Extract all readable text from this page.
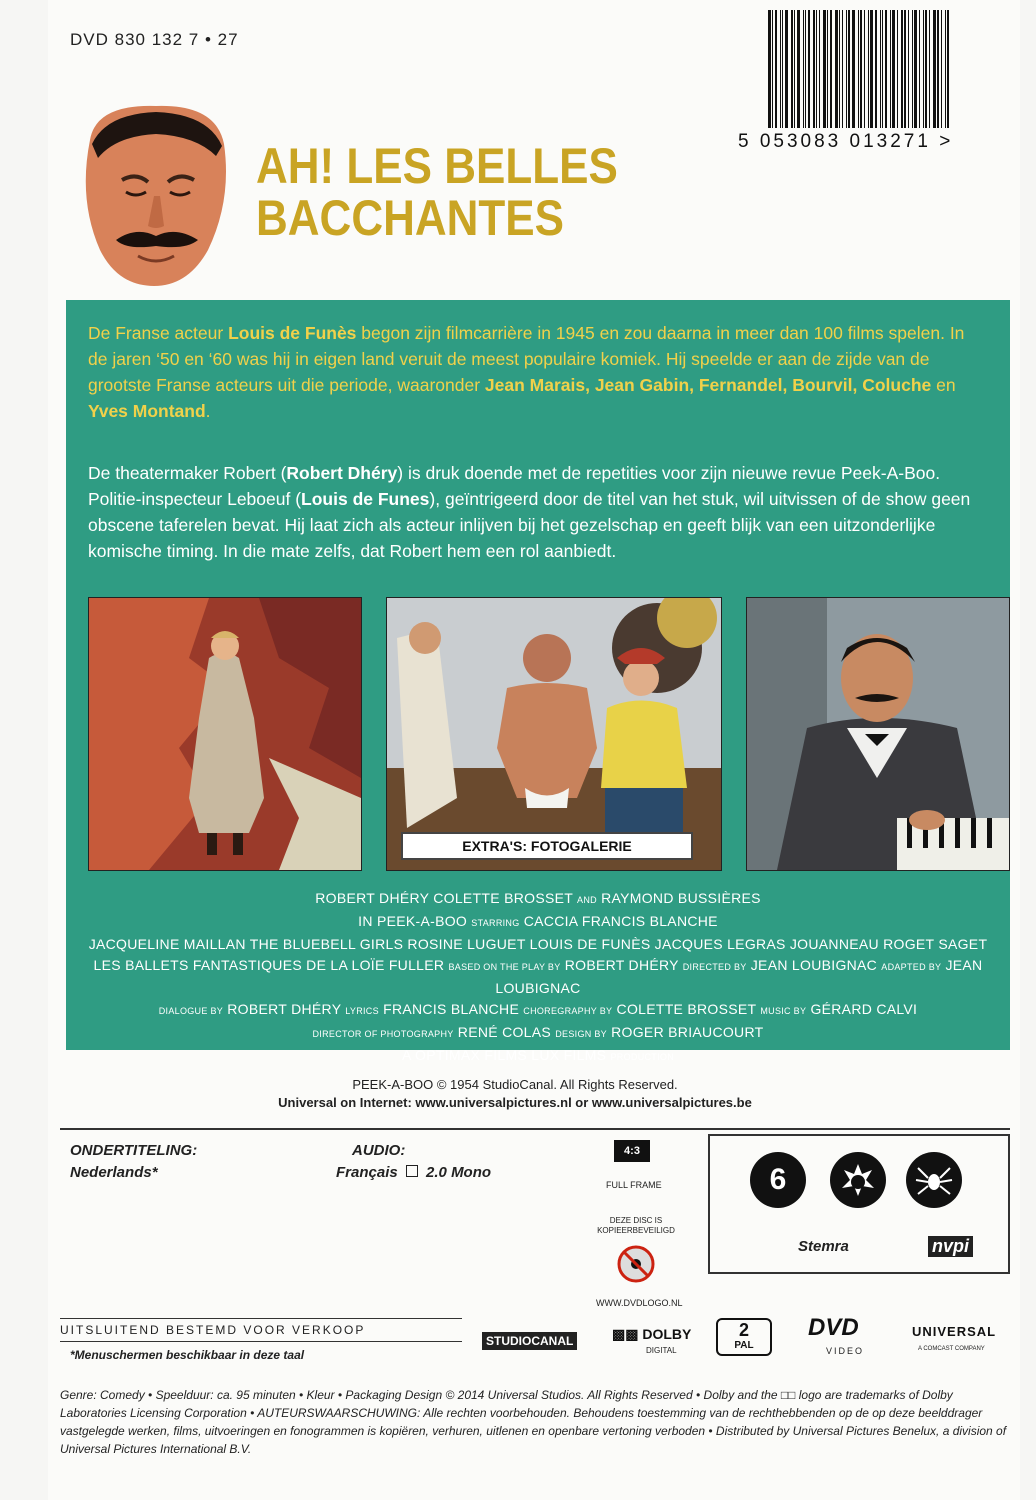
DVD 830 132 7 • 27
5 053083 013271 >
AH! LES BELLES
BACCHANTES
De Franse acteur Louis de Funès begon zijn filmcarrière in 1945 en zou daarna in meer dan 100 films spelen. In de jaren ‘50 en ‘60 was hij in eigen land veruit de meest populaire komiek. Hij speelde er aan de zijde van de grootste Franse acteurs uit die periode, waaronder Jean Marais, Jean Gabin, Fernandel, Bourvil, Coluche en Yves Montand.
De theatermaker Robert (Robert Dhéry) is druk doende met de repetities voor zijn nieuwe revue Peek-A-Boo. Politie-inspecteur Leboeuf (Louis de Funes), geïntrigeerd door de titel van het stuk, wil uitvissen of de show geen obscene taferelen bevat. Hij laat zich als acteur inlijven bij het gezelschap en geeft blijk van een uitzonderlijke komische timing. In die mate zelfs, dat Robert hem een rol aanbiedt.
EXTRA'S: FOTOGALERIE
ROBERT DHÉRY COLETTE BROSSET AND RAYMOND BUSSIÈRES
IN PEEK-A-BOO STARRING CACCIA FRANCIS BLANCHE
JACQUELINE MAILLAN THE BLUEBELL GIRLS ROSINE LUGUET LOUIS DE FUNÈS JACQUES LEGRAS JOUANNEAU ROGET SAGET
LES BALLETS FANTASTIQUES DE LA LOÏE FULLER BASED ON THE PLAY BY ROBERT DHÉRY DIRECTED BY JEAN LOUBIGNAC ADAPTED BY JEAN LOUBIGNAC
DIALOGUE BY ROBERT DHÉRY LYRICS FRANCIS BLANCHE CHOREGRAPHY BY COLETTE BROSSET MUSIC BY GÉRARD CALVI
DIRECTOR OF PHOTOGRAPHY RENÉ COLAS DESIGN BY ROGER BRIAUCOURT
A OPTIMAX FILMS LUX FILMS PRODUCTION
PEEK-A-BOO © 1954 StudioCanal. All Rights Reserved.
Universal on Internet: www.universalpictures.nl or www.universalpictures.be
ONDERTITELING:
Nederlands*
AUDIO:
Français 2.0 Mono
4:3
FULL FRAME	6
Stemra	nvpi
DEZE DISC IS KOPIEERBEVEILIGD
WWW.DVDLOGO.NL
UITSLUITEND BESTEMD VOOR VERKOOP
*Menuschermen beschikbaar in deze taal
STUDIOCANAL	▩▩ DOLBY
DIGITAL
2
PAL
DVD
VIDEO
UNIVERSAL
A COMCAST COMPANY
Genre: Comedy • Speelduur: ca. 95 minuten • Kleur • Packaging Design © 2014 Universal Studios. All Rights Reserved • Dolby and the □□ logo are trademarks of Dolby Laboratories Licensing Corporation • AUTEURSWAARSCHUWING: Alle rechten voorbehouden. Behoudens toestemming van de rechthebbenden op de op deze beelddrager vastgelegde werken, films, uitvoeringen en fonogrammen is kopiëren, verhuren, uitlenen en openbare vertoning verboden • Distributed by Universal Pictures Benelux, a division of Universal Pictures International B.V.
